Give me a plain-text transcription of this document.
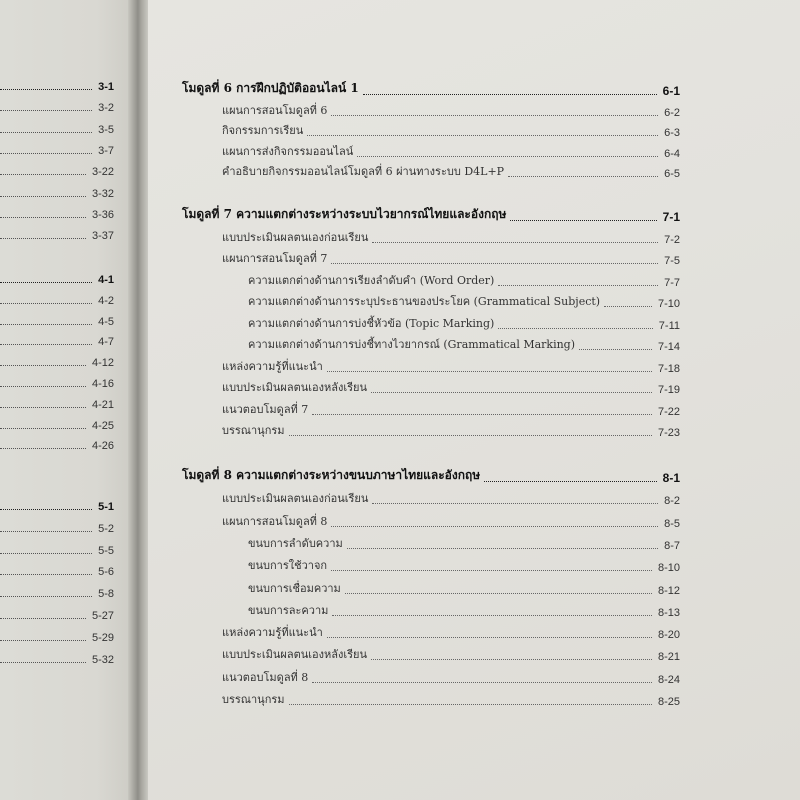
3-1
3-2
3-5
3-7
3-22
3-32
3-36
3-37
4-1
4-2
4-5
4-7
4-12
4-16
4-21
4-25
4-26
5-1
5-2
5-5
5-6
5-8
5-27
5-29
5-32
โมดูลที่ 6 การฝึกปฏิบัติออนไลน์ 1	6-1
แผนการสอนโมดูลที่ 6	6-2
กิจกรรมการเรียน	6-3
แผนการส่งกิจกรรมออนไลน์	6-4
คำอธิบายกิจกรรมออนไลน์โมดูลที่ 6 ผ่านทางระบบ D4L+P	6-5
โมดูลที่ 7 ความแตกต่างระหว่างระบบไวยากรณ์ไทยและอังกฤษ	7-1
แบบประเมินผลตนเองก่อนเรียน	7-2
แผนการสอนโมดูลที่ 7	7-5
ความแตกต่างด้านการเรียงลำดับคำ (Word Order)	7-7
ความแตกต่างด้านการระบุประธานของประโยค (Grammatical Subject)	7-10
ความแตกต่างด้านการบ่งชี้หัวข้อ (Topic Marking)	7-11
ความแตกต่างด้านการบ่งชี้ทางไวยากรณ์ (Grammatical Marking)	7-14
แหล่งความรู้ที่แนะนำ	7-18
แบบประเมินผลตนเองหลังเรียน	7-19
แนวตอบโมดูลที่ 7	7-22
บรรณานุกรม	7-23
โมดูลที่ 8 ความแตกต่างระหว่างขนบภาษาไทยและอังกฤษ	8-1
แบบประเมินผลตนเองก่อนเรียน	8-2
แผนการสอนโมดูลที่ 8	8-5
ขนบการลำดับความ	8-7
ขนบการใช้วาจก	8-10
ขนบการเชื่อมความ	8-12
ขนบการละความ	8-13
แหล่งความรู้ที่แนะนำ	8-20
แบบประเมินผลตนเองหลังเรียน	8-21
แนวตอบโมดูลที่ 8	8-24
บรรณานุกรม	8-25
